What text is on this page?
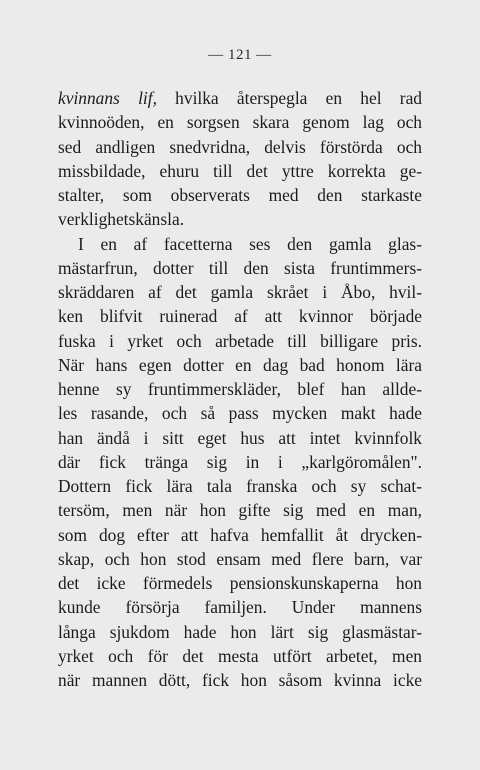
— 121 —
kvinnans lif, hvilka återspegla en hel rad
kvinnoöden, en sorgsen skara genom lag och
sed andligen snedvridna, delvis förstörda och
missbildade, ehuru till det yttre korrekta ge-
stalter, som observerats med den starkaste
verklighetskänsla.
I en af facetterna ses den gamla glas-
mästarfrun, dotter till den sista fruntimmers-
skräddaren af det gamla skrået i Åbo, hvil-
ken blifvit ruinerad af att kvinnor började
fuska i yrket och arbetade till billigare pris.
När hans egen dotter en dag bad honom lära
henne sy fruntimmerskläder, blef han allde-
les rasande, och så pass mycken makt hade
han ändå i sitt eget hus att intet kvinnfolk
där fick tränga sig in i „karlgöromålen".
Dottern fick lära tala franska och sy schat-
tersöm, men när hon gifte sig med en man,
som dog efter att hafva hemfallit åt drycken-
skap, och hon stod ensam med flere barn, var
det icke förmedels pensionskunskaperna hon
kunde försörja familjen. Under mannens
långa sjukdom hade hon lärt sig glasmästar-
yrket och för det mesta utfört arbetet, men
när mannen dött, fick hon såsom kvinna icke
